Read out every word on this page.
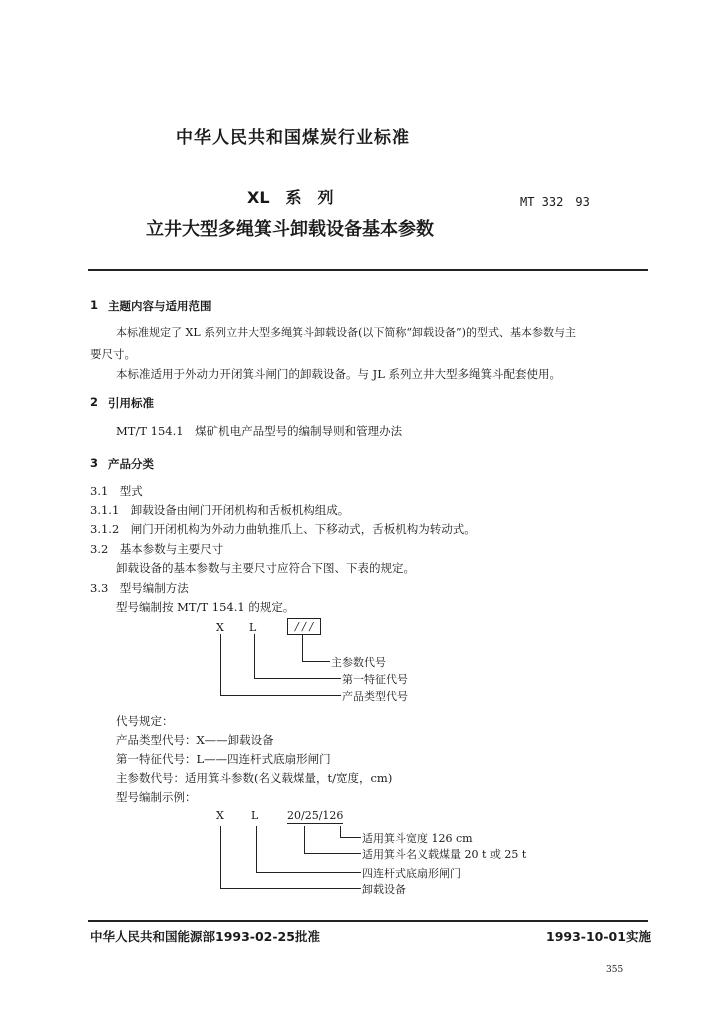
中华人民共和国煤炭行业标准
XL　系　列	MT 332　93
立井大型多绳箕斗卸载设备基本参数
1 主题内容与适用范围
本标准规定了 XL 系列立井大型多绳箕斗卸载设备(以下简称“卸载设备”)的型式、基本参数与主
要尺寸。
本标准适用于外动力开闭箕斗闸门的卸载设备。与 JL 系列立井大型多绳箕斗配套使用。
2 引用标准
MT/T 154.1　煤矿机电产品型号的编制导则和管理办法
3 产品分类
3.1　型式
3.1.1　卸载设备由闸门开闭机构和舌板机构组成。
3.1.2　闸门开闭机构为外动力曲轨推爪上、下移动式，舌板机构为转动式。
3.2　基本参数与主要尺寸
卸载设备的基本参数与主要尺寸应符合下图、下表的规定。
3.3　型号编制方法
型号编制按 MT/T 154.1 的规定。
X L	/ / /
主参数代号
第一特征代号
产品类型代号
代号规定：
产品类型代号：X——卸载设备
第一特征代号：L——四连杆式底扇形闸门
主参数代号：适用箕斗参数(名义载煤量，t/宽度，cm)
型号编制示例：
X L	20/25/126
适用箕斗宽度 126 cm
适用箕斗名义载煤量 20 t 或 25 t
四连杆式底扇形闸门
卸载设备
中华人民共和国能源部1993-02-25批准	1993-10-01实施
355
